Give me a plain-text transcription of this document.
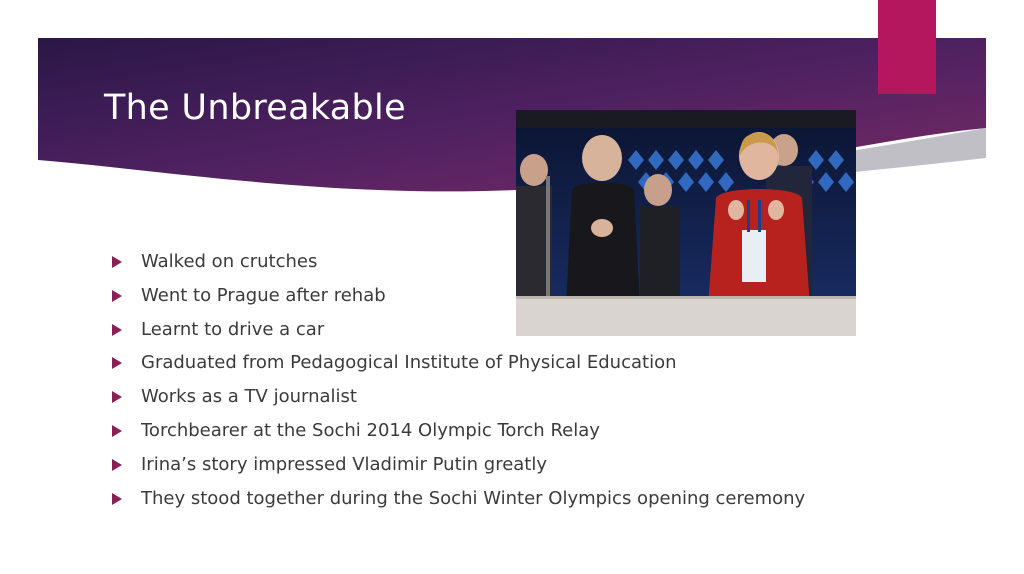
The Unbreakable
Walked on crutches
Went to Prague after rehab
Learnt to drive a car
Graduated from Pedagogical Institute of Physical Education
Works as a TV journalist
Torchbearer at the Sochi 2014 Olympic Torch Relay
Irina’s story impressed Vladimir Putin greatly
They stood together during the Sochi Winter Olympics opening ceremony
